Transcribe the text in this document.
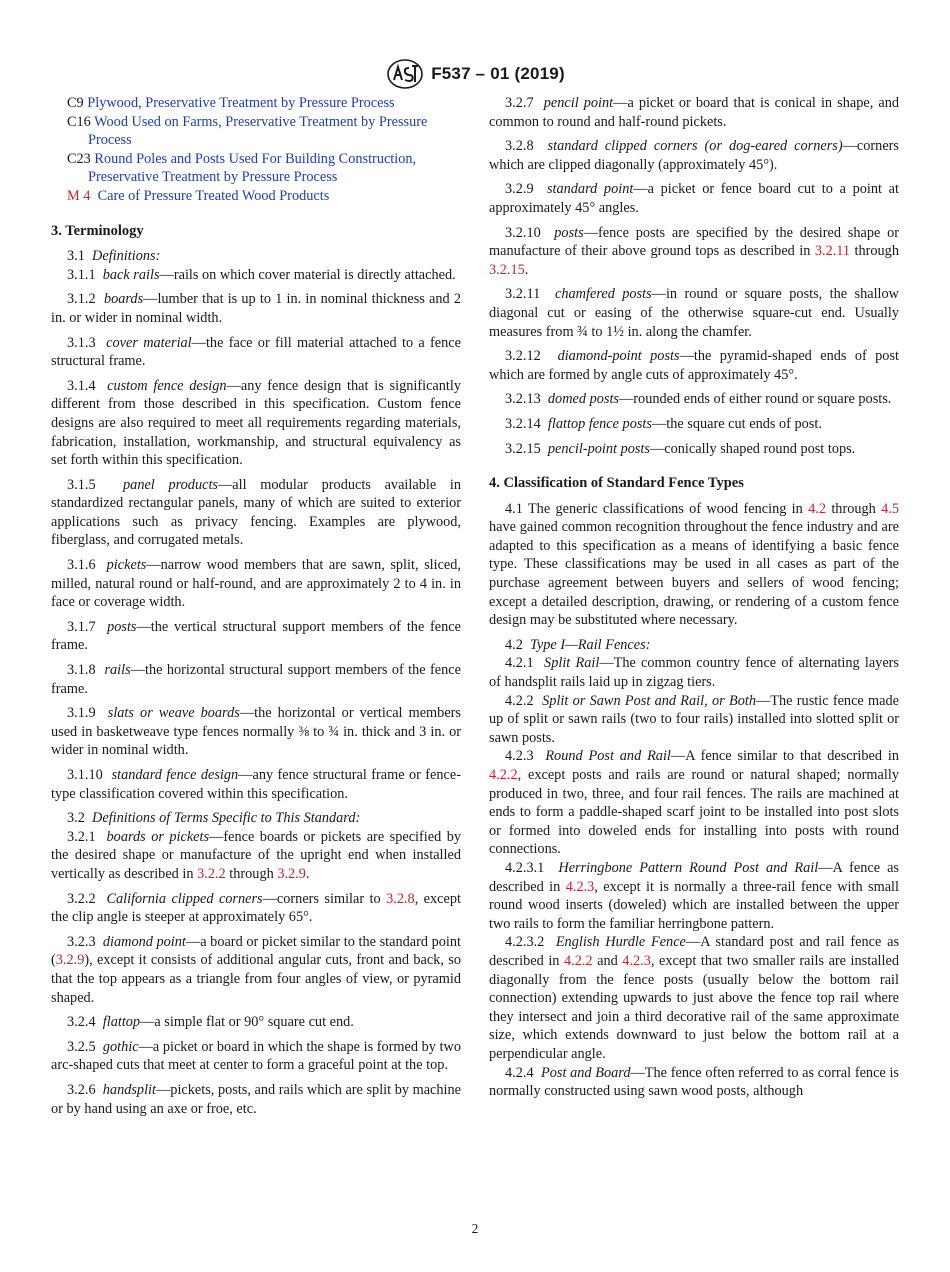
F537 – 01 (2019)

C9 Plywood, Preservative Treatment by Pressure Process

C16 Wood Used on Farms, Preservative Treatment by Pressure Process

C23 Round Poles and Posts Used For Building Construction, Preservative Treatment by Pressure Process

M 4 Care of Pressure Treated Wood Products

3. Terminology

3.1 Definitions:

3.1.1 back rails—rails on which cover material is directly attached.

3.1.2 boards—lumber that is up to 1 in. in nominal thickness and 2 in. or wider in nominal width.

3.1.3 cover material—the face or fill material attached to a fence structural frame.

3.1.4 custom fence design—any fence design that is significantly different from those described in this specification. Custom fence designs are also required to meet all requirements regarding materials, fabrication, installation, workmanship, and structural equivalency as set forth within this specification.

3.1.5 panel products—all modular products available in standardized rectangular panels, many of which are suited to exterior applications such as privacy fencing. Examples are plywood, fiberglass, and corrugated metals.

3.1.6 pickets—narrow wood members that are sawn, split, sliced, milled, natural round or half-round, and are approximately 2 to 4 in. in face or coverage width.

3.1.7 posts—the vertical structural support members of the fence frame.

3.1.8 rails—the horizontal structural support members of the fence frame.

3.1.9 slats or weave boards—the horizontal or vertical members used in basketweave type fences normally ⅜ to ¾ in. thick and 3 in. or wider in nominal width.

3.1.10 standard fence design—any fence structural frame or fence-type classification covered within this specification.

3.2 Definitions of Terms Specific to This Standard:

3.2.1 boards or pickets—fence boards or pickets are specified by the desired shape or manufacture of the upright end when installed vertically as described in 3.2.2 through 3.2.9.

3.2.2 California clipped corners—corners similar to 3.2.8, except the clip angle is steeper at approximately 65°.

3.2.3 diamond point—a board or picket similar to the standard point (3.2.9), except it consists of additional angular cuts, front and back, so that the top appears as a triangle from four angles of view, or pyramid shaped.

3.2.4 flattop—a simple flat or 90° square cut end.

3.2.5 gothic—a picket or board in which the shape is formed by two arc-shaped cuts that meet at center to form a graceful point at the top.

3.2.6 handsplit—pickets, posts, and rails which are split by machine or by hand using an axe or froe, etc.

3.2.7 pencil point—a picket or board that is conical in shape, and common to round and half-round pickets.

3.2.8 standard clipped corners (or dog-eared corners)—corners which are clipped diagonally (approximately 45°).

3.2.9 standard point—a picket or fence board cut to a point at approximately 45° angles.

3.2.10 posts—fence posts are specified by the desired shape or manufacture of their above ground tops as described in 3.2.11 through 3.2.15.

3.2.11 chamfered posts—in round or square posts, the shallow diagonal cut or easing of the otherwise square-cut end. Usually measures from ¾ to 1½ in. along the chamfer.

3.2.12 diamond-point posts—the pyramid-shaped ends of post which are formed by angle cuts of approximately 45°.

3.2.13 domed posts—rounded ends of either round or square posts.

3.2.14 flattop fence posts—the square cut ends of post.

3.2.15 pencil-point posts—conically shaped round post tops.

4. Classification of Standard Fence Types

4.1 The generic classifications of wood fencing in 4.2 through 4.5 have gained common recognition throughout the fence industry and are adapted to this specification as a means of identifying a basic fence type. These classifications may be used in all cases as part of the purchase agreement between buyers and sellers of wood fencing; except a detailed description, drawing, or rendering of a custom fence design may be substituted where necessary.

4.2 Type I—Rail Fences:

4.2.1 Split Rail—The common country fence of alternating layers of handsplit rails laid up in zigzag tiers.

4.2.2 Split or Sawn Post and Rail, or Both—The rustic fence made up of split or sawn rails (two to four rails) installed into slotted split or sawn posts.

4.2.3 Round Post and Rail—A fence similar to that described in 4.2.2, except posts and rails are round or natural shaped; normally produced in two, three, and four rail fences. The rails are machined at ends to form a paddle-shaped scarf joint to be installed into post slots or formed into doweled ends for installing into posts with round connections.

4.2.3.1 Herringbone Pattern Round Post and Rail—A fence as described in 4.2.3, except it is normally a three-rail fence with small round wood inserts (doweled) which are installed between the upper two rails to form the familiar herringbone pattern.

4.2.3.2 English Hurdle Fence—A standard post and rail fence as described in 4.2.2 and 4.2.3, except that two smaller rails are installed diagonally from the fence posts (usually below the bottom rail connection) extending upwards to just above the fence top rail where they intersect and join a third decorative rail of the same approximate size, which extends downward to just below the bottom rail at a perpendicular angle.

4.2.4 Post and Board—The fence often referred to as corral fence is normally constructed using sawn wood posts, although

2
